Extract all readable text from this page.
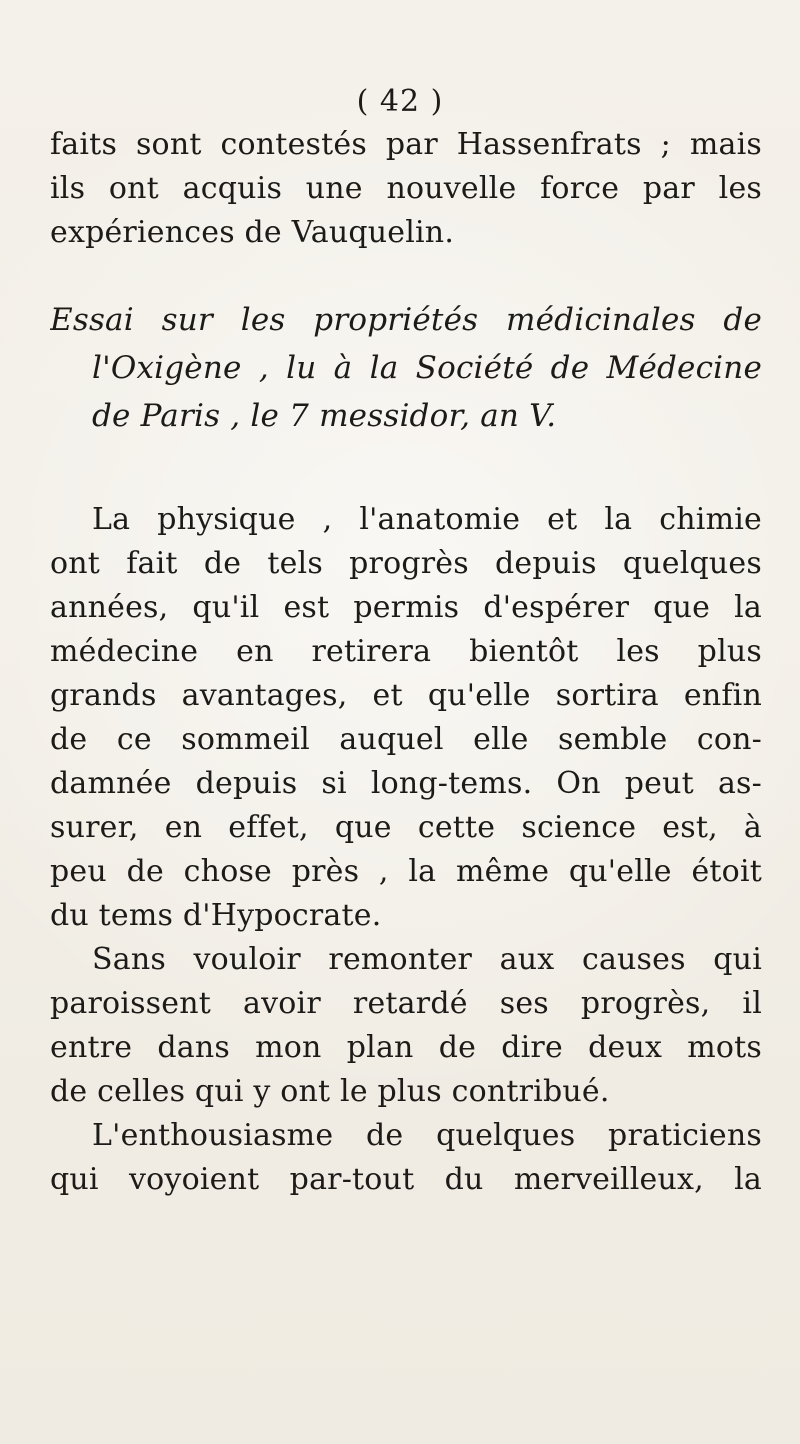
( 42 )
faits sont contestés par Hassenfrats ; mais
ils ont acquis une nouvelle force par les
expériences de Vauquelin.
Essai sur les propriétés médicinales de
l'Oxigène , lu à la Société de Médecine
de Paris , le 7 messidor, an V.
La physique , l'anatomie et la chimie
ont fait de tels progrès depuis quelques
années, qu'il est permis d'espérer que la
médecine en retirera bientôt les plus
grands avantages, et qu'elle sortira enfin
de ce sommeil auquel elle semble con-
damnée depuis si long-tems. On peut as-
surer, en effet, que cette science est, à
peu de chose près , la même qu'elle étoit
du tems d'Hypocrate.
Sans vouloir remonter aux causes qui
paroissent avoir retardé ses progrès, il
entre dans mon plan de dire deux mots
de celles qui y ont le plus contribué.
L'enthousiasme de quelques praticiens
qui voyoient par-tout du merveilleux, la
